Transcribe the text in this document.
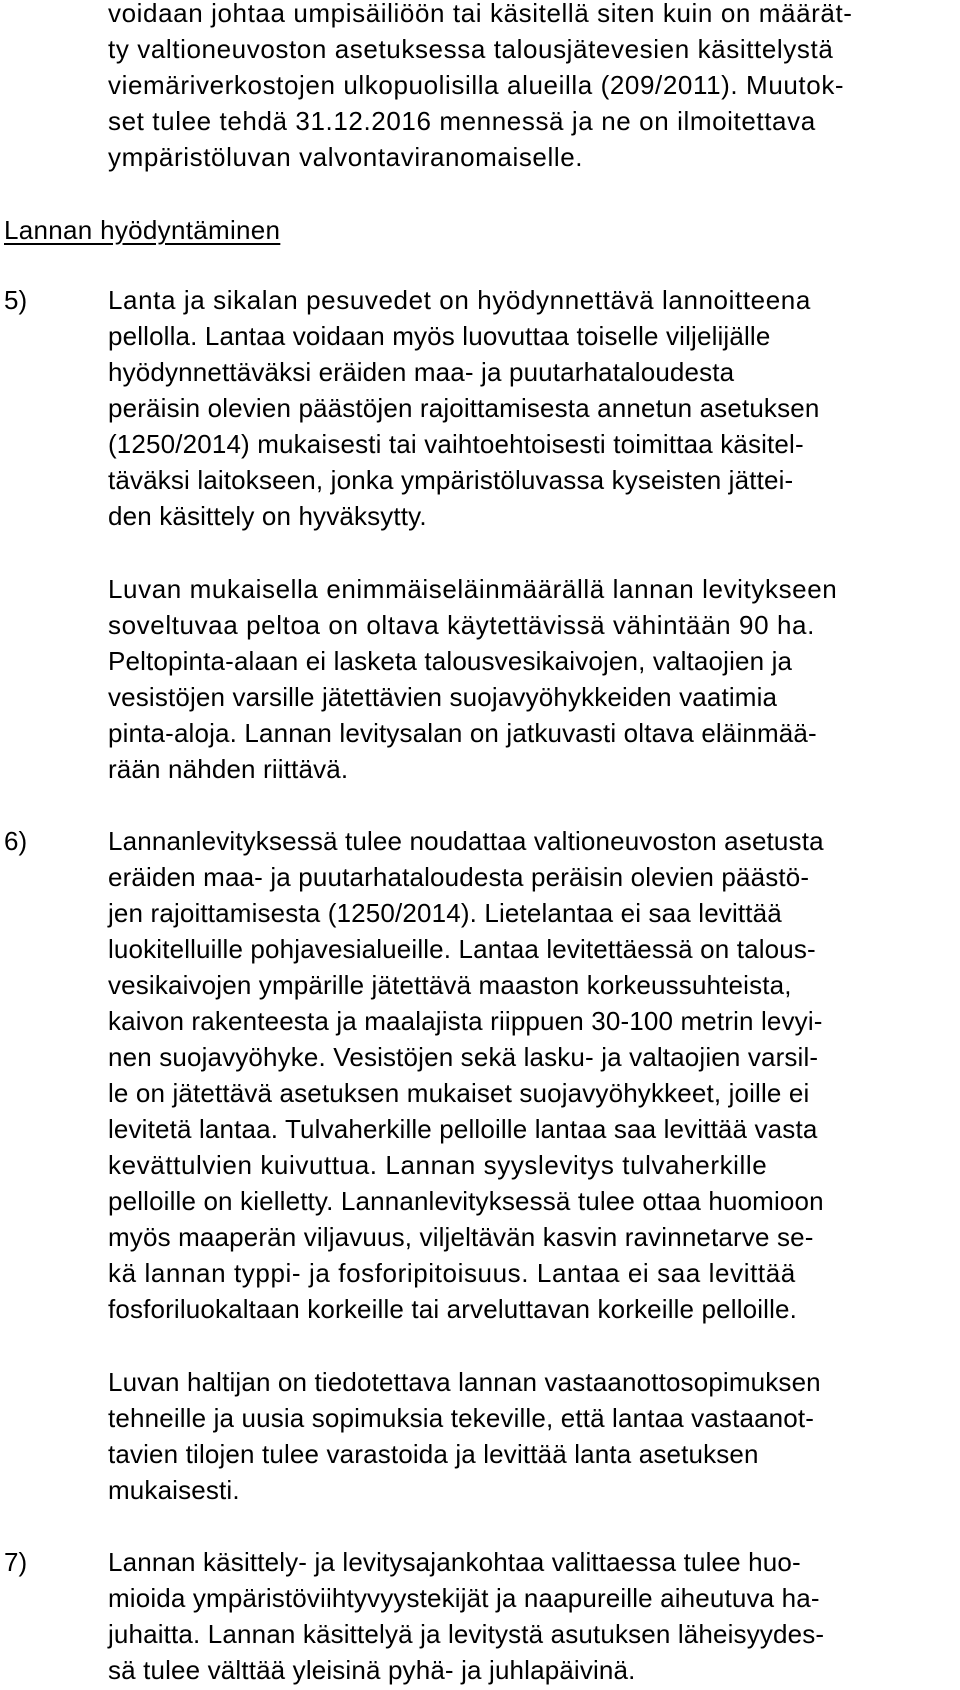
voidaan johtaa umpisäiliöön tai käsitellä siten kuin on määrät-
ty valtioneuvoston asetuksessa talousjätevesien käsittelystä
viemäriverkostojen ulkopuolisilla alueilla (209/2011). Muutok-
set tulee tehdä 31.12.2016 mennessä ja ne on ilmoitettava
ympäristöluvan valvontaviranomaiselle.
Lannan hyödyntäminen
5)	Lanta ja sikalan pesuvedet on hyödynnettävä lannoitteena
pellolla. Lantaa voidaan myös luovuttaa toiselle viljelijälle
hyödynnettäväksi eräiden maa- ja puutarhataloudesta
peräisin olevien päästöjen rajoittamisesta annetun asetuksen
(1250/2014) mukaisesti tai vaihtoehtoisesti toimittaa käsitel-
täväksi laitokseen, jonka ympäristöluvassa kyseisten jättei-
den käsittely on hyväksytty.
Luvan mukaisella enimmäiseläinmäärällä lannan levitykseen
soveltuvaa peltoa on oltava käytettävissä vähintään 90 ha.
Peltopinta-alaan ei lasketa talousvesikaivojen, valtaojien ja
vesistöjen varsille jätettävien suojavyöhykkeiden vaatimia
pinta-aloja. Lannan levitysalan on jatkuvasti oltava eläinmää-
rään nähden riittävä.
6)	Lannanlevityksessä tulee noudattaa valtioneuvoston asetusta
eräiden maa- ja puutarhataloudesta peräisin olevien päästö-
jen rajoittamisesta (1250/2014). Lietelantaa ei saa levittää
luokitelluille pohjavesialueille. Lantaa levitettäessä on talous-
vesikaivojen ympärille jätettävä maaston korkeussuhteista,
kaivon rakenteesta ja maalajista riippuen 30-100 metrin levyi-
nen suojavyöhyke. Vesistöjen sekä lasku- ja valtaojien varsil-
le on jätettävä asetuksen mukaiset suojavyöhykkeet, joille ei
levitetä lantaa. Tulvaherkille pelloille lantaa saa levittää vasta
kevättulvien kuivuttua. Lannan syyslevitys tulvaherkille
pelloille on kielletty. Lannanlevityksessä tulee ottaa huomioon
myös maaperän viljavuus, viljeltävän kasvin ravinnetarve se-
kä lannan typpi- ja fosforipitoisuus. Lantaa ei saa levittää
fosforiluokaltaan korkeille tai arveluttavan korkeille pelloille.
Luvan haltijan on tiedotettava lannan vastaanottosopimuksen
tehneille ja uusia sopimuksia tekeville, että lantaa vastaanot-
tavien tilojen tulee varastoida ja levittää lanta asetuksen
mukaisesti.
7)	Lannan käsittely- ja levitysajankohtaa valittaessa tulee huo-
mioida ympäristöviihtyvyystekijät ja naapureille aiheutuva ha-
juhaitta. Lannan käsittelyä ja levitystä asutuksen läheisyydes-
sä tulee välttää yleisinä pyhä- ja juhlapäivinä.
